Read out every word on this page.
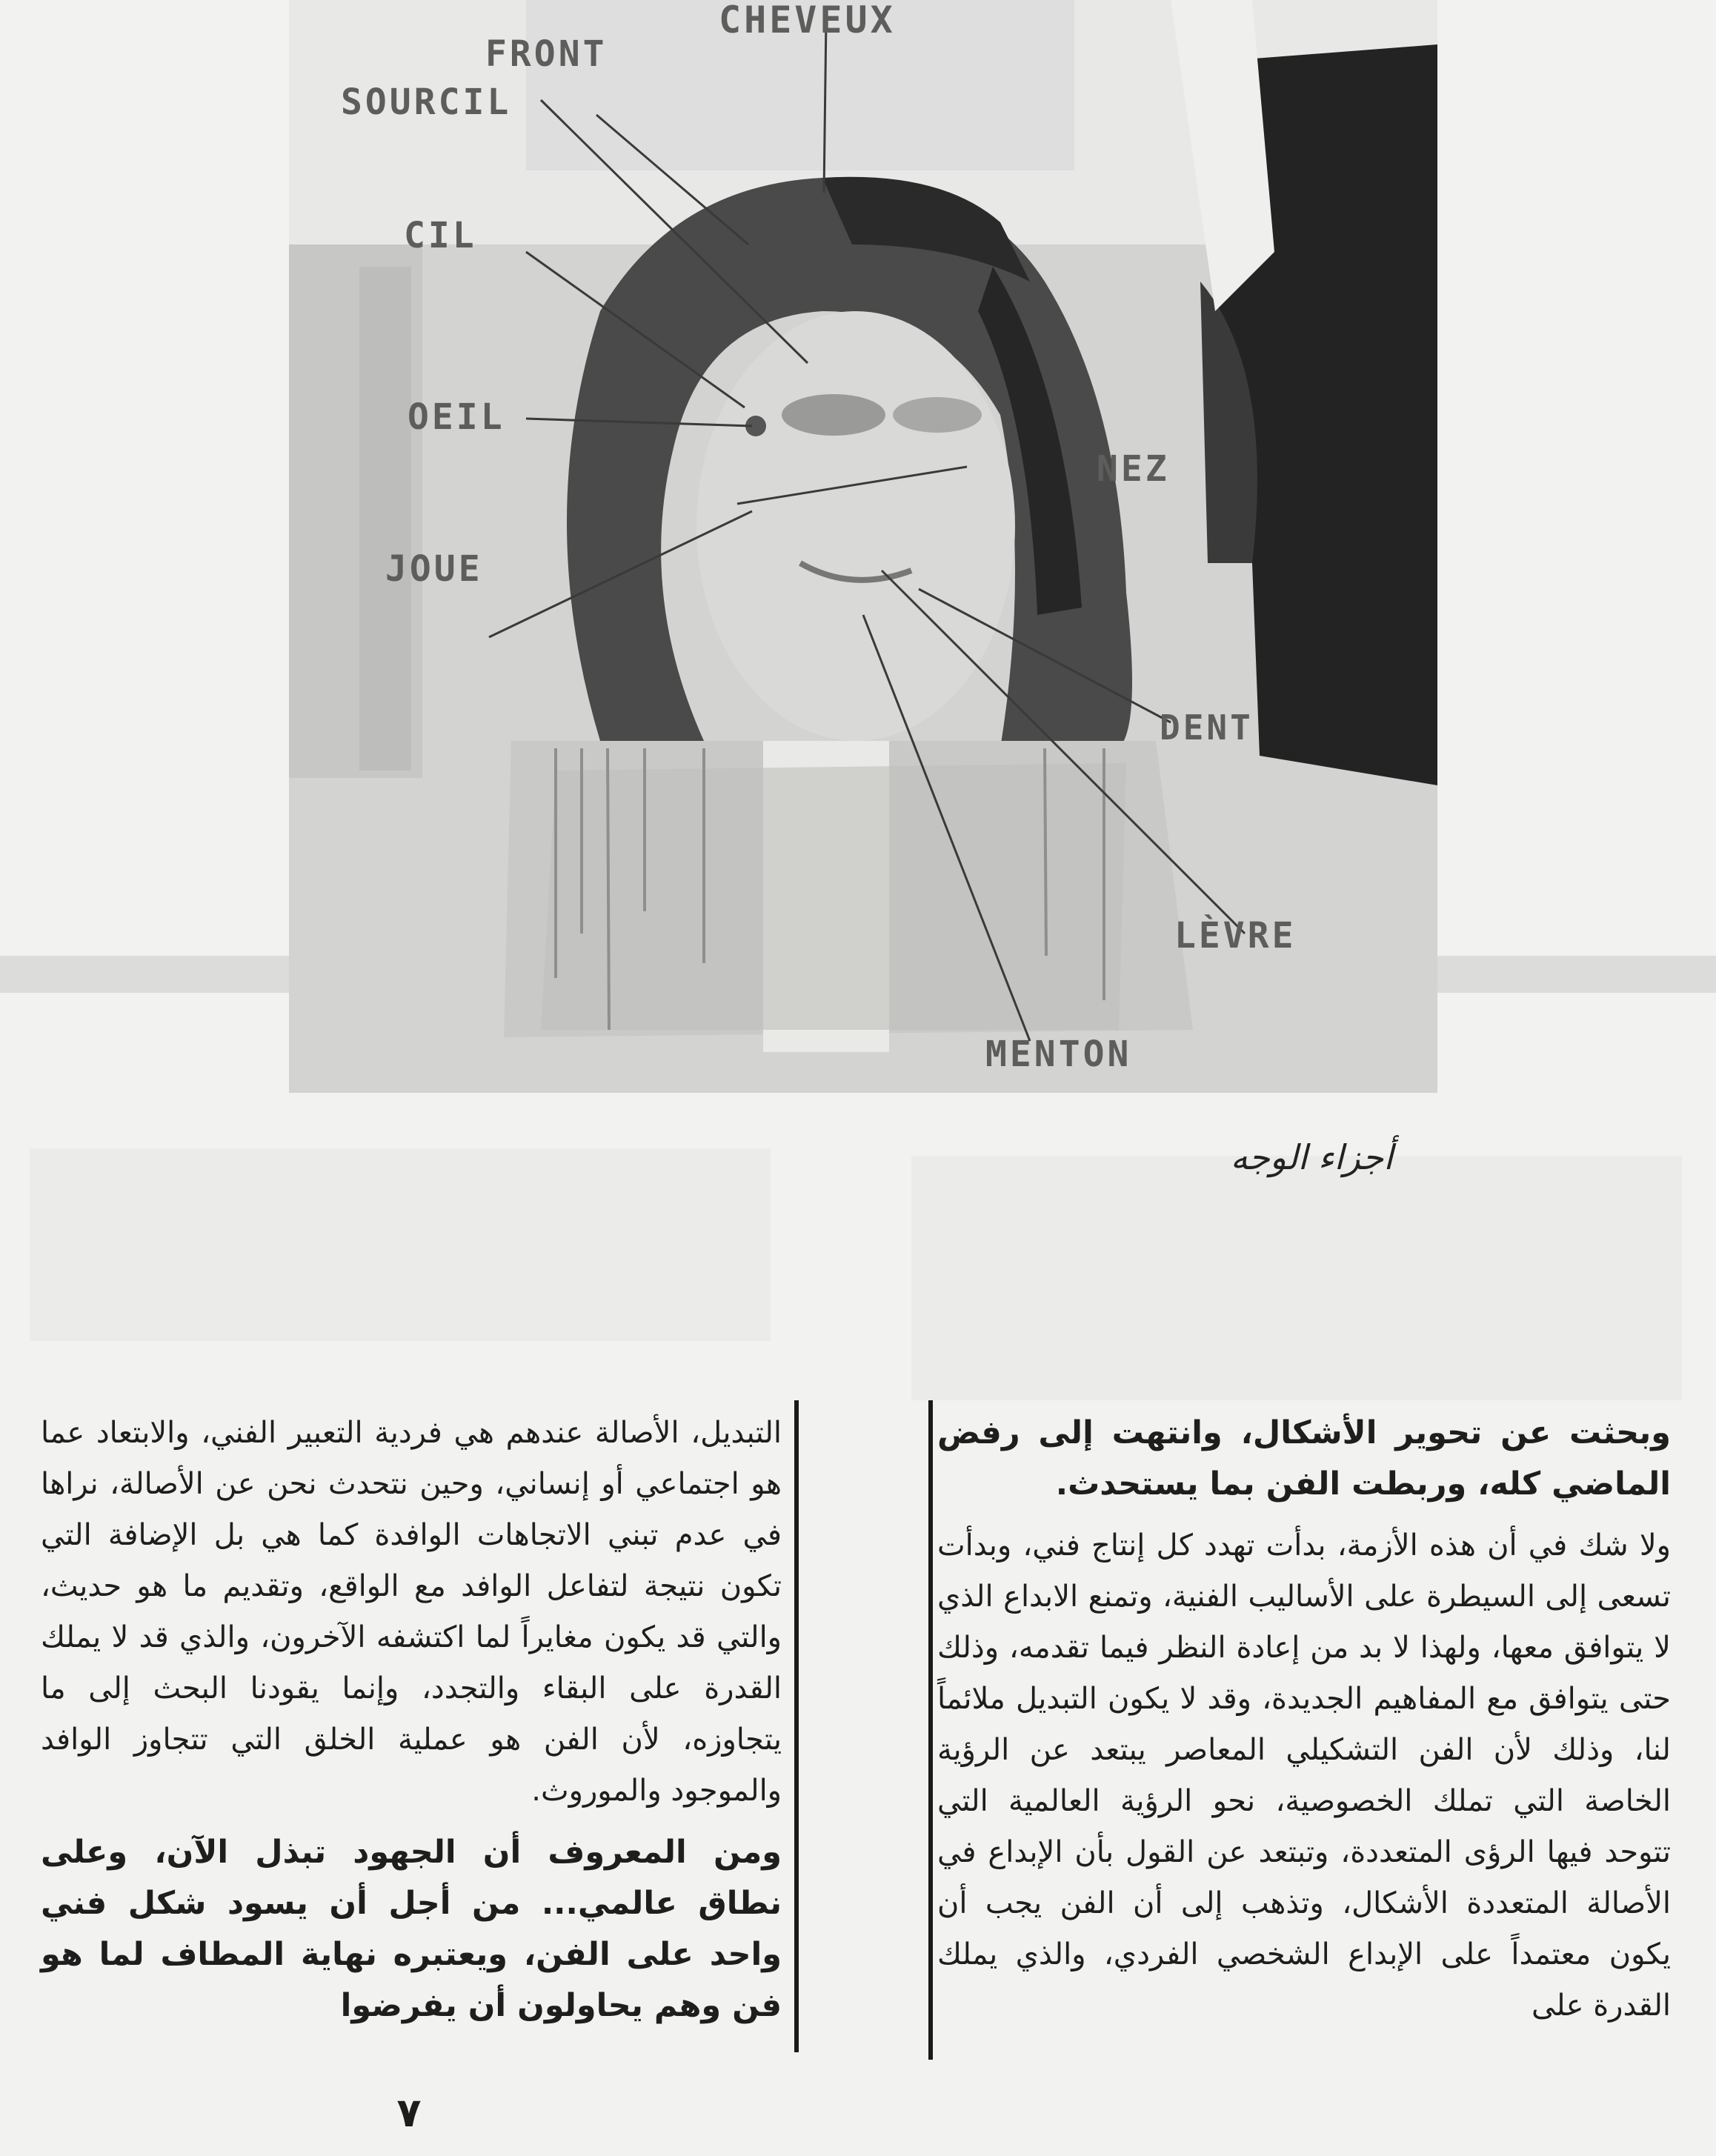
CHEVEUX
FRONT
SOURCIL
CIL
OEIL
NEZ
JOUE
DENT
LÈVRE
MENTON
أجزاء الوجه

وبحثت عن تحوير الأشكال، وانتهت إلى رفض الماضي كله، وربطت الفن بما يستحدث.

ولا شك في أن هذه الأزمة، بدأت تهدد كل إنتاج فني، وبدأت تسعى إلى السيطرة على الأساليب الفنية، وتمنع الابداع الذي لا يتوافق معها، ولهذا لا بد من إعادة النظر فيما تقدمه، وذلك حتى يتوافق مع المفاهيم الجديدة، وقد لا يكون التبديل ملائماً لنا، وذلك لأن الفن التشكيلي المعاصر يبتعد عن الرؤية الخاصة التي تملك الخصوصية، نحو الرؤية العالمية التي تتوحد فيها الرؤى المتعددة، وتبتعد عن القول بأن الإبداع في الأصالة المتعددة الأشكال، وتذهب إلى أن الفن يجب أن يكون معتمداً على الإبداع الشخصي الفردي، والذي يملك القدرة على

التبديل، الأصالة عندهم هي فردية التعبير الفني، والابتعاد عما هو اجتماعي أو إنساني، وحين نتحدث نحن عن الأصالة، نراها في عدم تبني الاتجاهات الوافدة كما هي بل الإضافة التي تكون نتيجة لتفاعل الوافد مع الواقع، وتقديم ما هو حديث، والتي قد يكون مغايراً لما اكتشفه الآخرون، والذي قد لا يملك القدرة على البقاء والتجدد، وإنما يقودنا البحث إلى ما يتجاوزه، لأن الفن هو عملية الخلق التي تتجاوز الوافد والموجود والموروث.

ومن المعروف أن الجهود تبذل الآن، وعلى نطاق عالمي... من أجل أن يسود شكل فني واحد على الفن، ويعتبره نهاية المطاف لما هو فن وهم يحاولون أن يفرضوا

٧
